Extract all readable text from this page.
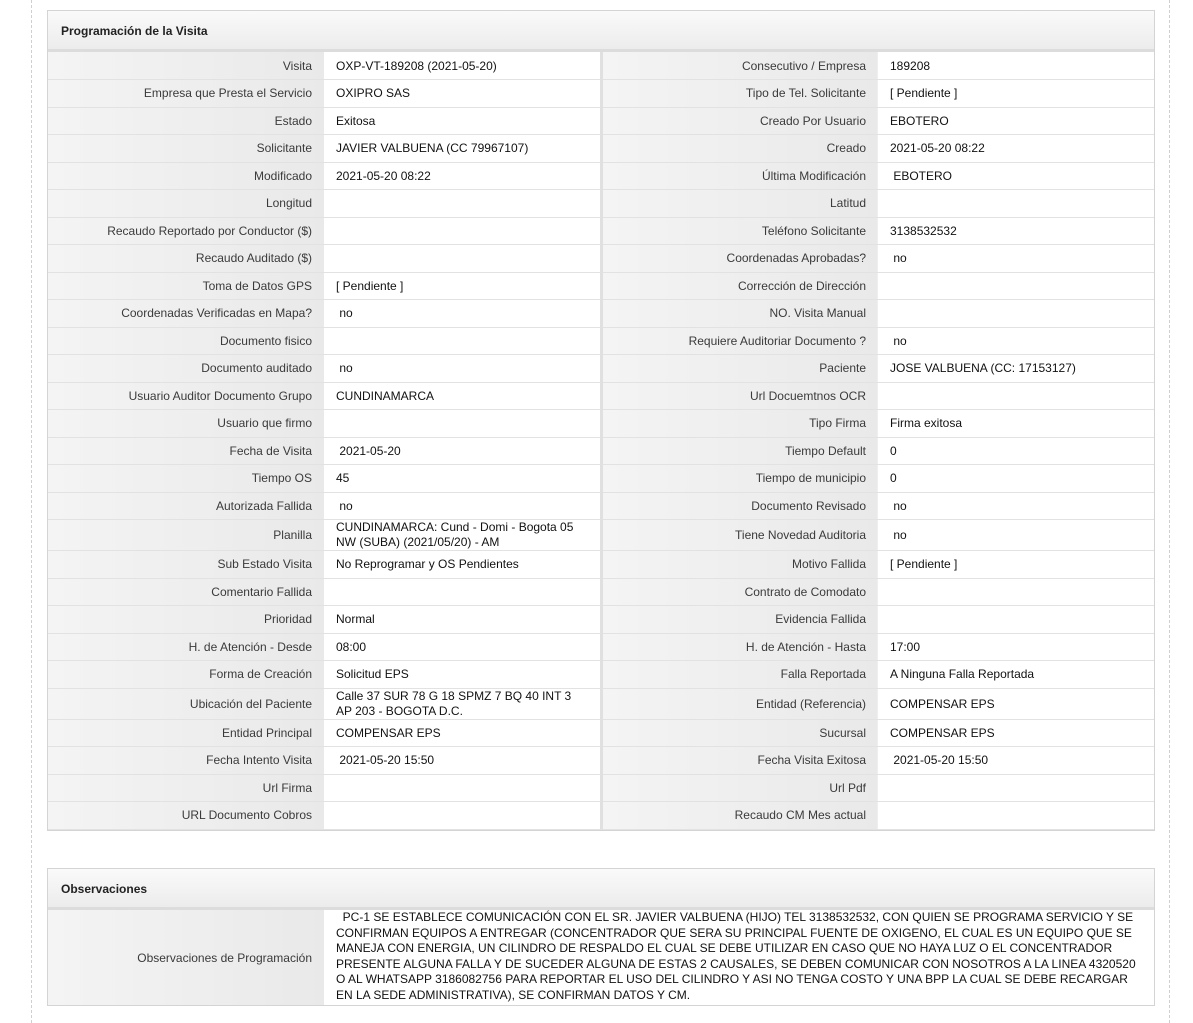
Programación de la Visita
Visita	OXP-VT-189208 (2021-05-20)	Consecutivo / Empresa	189208
Empresa que Presta el Servicio	OXIPRO SAS	Tipo de Tel. Solicitante	[ Pendiente ]
Estado	Exitosa	Creado Por Usuario	EBOTERO
Solicitante	JAVIER VALBUENA (CC 79967107)	Creado	2021-05-20 08:22
Modificado	2021-05-20 08:22	Última Modificación	EBOTERO
Longitud		Latitud	
Recaudo Reportado por Conductor ($)		Teléfono Solicitante	3138532532
Recaudo Auditado ($)		Coordenadas Aprobadas?	no
Toma de Datos GPS	[ Pendiente ]	Corrección de Dirección	
Coordenadas Verificadas en Mapa?	no	NO. Visita Manual	
Documento fisico		Requiere Auditoriar Documento ?	no
Documento auditado	no	Paciente	JOSE VALBUENA (CC: 17153127)
Usuario Auditor Documento Grupo	CUNDINAMARCA	Url Docuemtnos OCR	
Usuario que firmo		Tipo Firma	Firma exitosa
Fecha de Visita	2021-05-20	Tiempo Default	0
Tiempo OS	45	Tiempo de municipio	0
Autorizada Fallida	no	Documento Revisado	no
Planilla	CUNDINAMARCA: Cund - Domi - Bogota 05 NW (SUBA) (2021/05/20) - AM	Tiene Novedad Auditoria	no
Sub Estado Visita	No Reprogramar y OS Pendientes	Motivo Fallida	[ Pendiente ]
Comentario Fallida		Contrato de Comodato	
Prioridad	Normal	Evidencia Fallida	
H. de Atención - Desde	08:00	H. de Atención - Hasta	17:00
Forma de Creación	Solicitud EPS	Falla Reportada	A Ninguna Falla Reportada
Ubicación del Paciente	Calle 37 SUR 78 G 18 SPMZ 7 BQ 40 INT 3 AP 203 - BOGOTA D.C.	Entidad (Referencia)	COMPENSAR EPS
Entidad Principal	COMPENSAR EPS	Sucursal	COMPENSAR EPS
Fecha Intento Visita	2021-05-20 15:50	Fecha Visita Exitosa	2021-05-20 15:50
Url Firma		Url Pdf	
URL Documento Cobros		Recaudo CM Mes actual	
Observaciones
Observaciones de Programación	PC-1 SE ESTABLECE COMUNICACIÓN CON EL SR. JAVIER VALBUENA (HIJO) TEL 3138532532, CON QUIEN SE PROGRAMA SERVICIO Y SE CONFIRMAN EQUIPOS A ENTREGAR (CONCENTRADOR QUE SERA SU PRINCIPAL FUENTE DE OXIGENO, EL CUAL ES UN EQUIPO QUE SE MANEJA CON ENERGIA, UN CILINDRO DE RESPALDO EL CUAL SE DEBE UTILIZAR EN CASO QUE NO HAYA LUZ O EL CONCENTRADOR PRESENTE ALGUNA FALLA Y DE SUCEDER ALGUNA DE ESTAS 2 CAUSALES, SE DEBEN COMUNICAR CON NOSOTROS A LA LINEA 4320520 O AL WHATSAPP 3186082756 PARA REPORTAR EL USO DEL CILINDRO Y ASI NO TENGA COSTO Y UNA BPP LA CUAL SE DEBE RECARGAR EN LA SEDE ADMINISTRATIVA), SE CONFIRMAN DATOS Y CM.
